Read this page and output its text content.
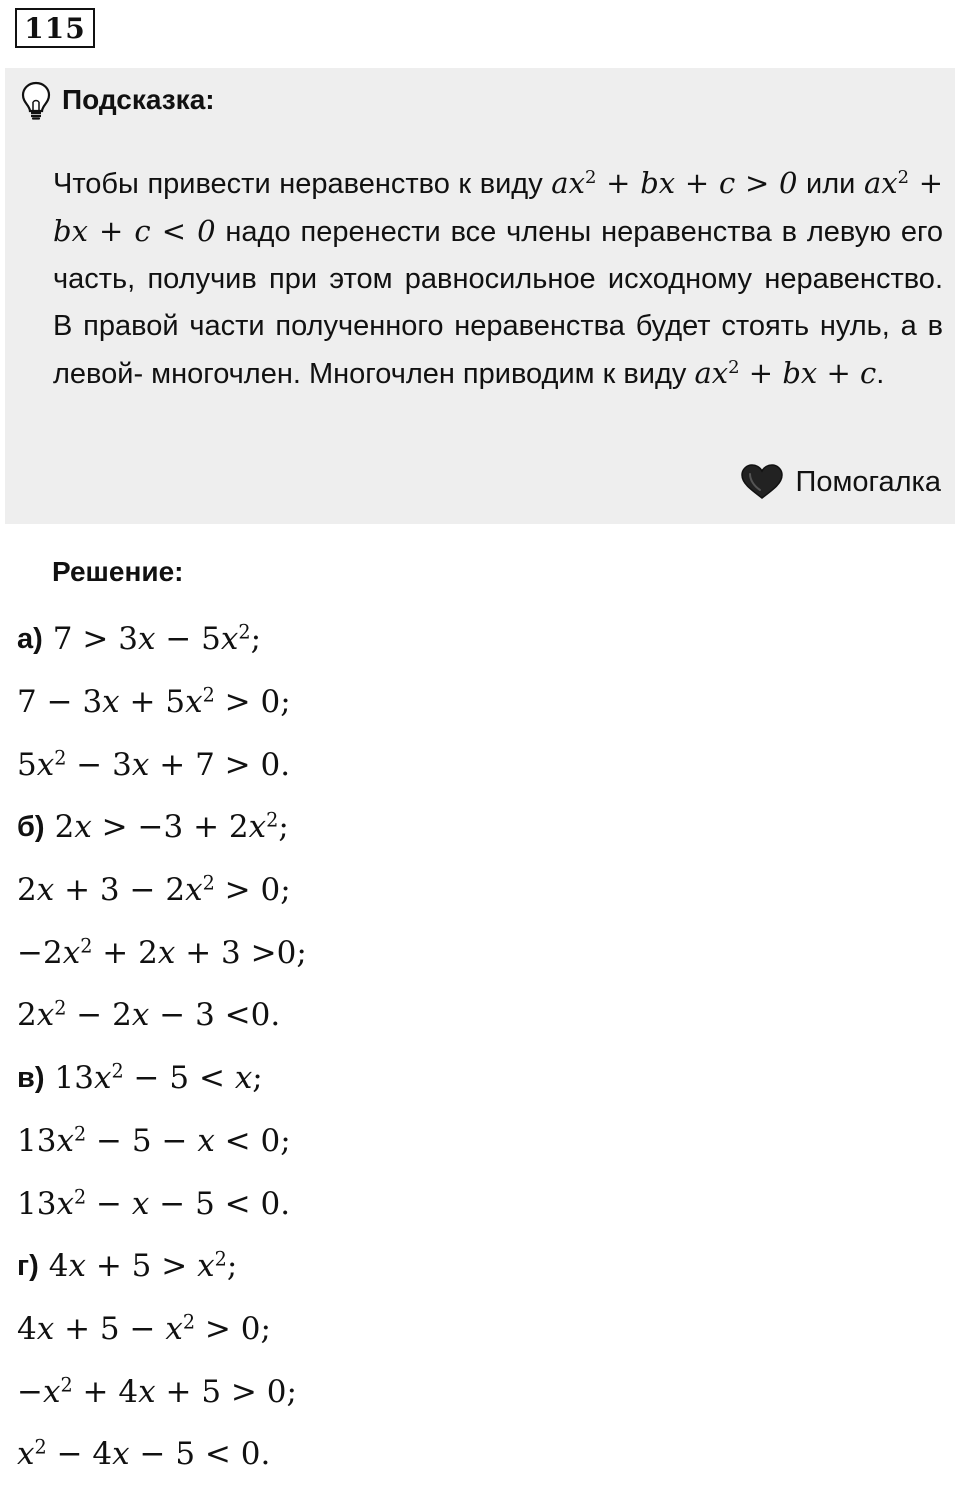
115
Подсказка:
Чтобы привести неравенство к виду $ax^2$ + bx + c > 0 или $ax^2$ + bx + c < 0 надо перенести все члены неравенства в левую его часть, получив при этом равносильное исходному неравенство. В правой части полученного неравенства будет стоять нуль, а в левой- многочлен. Многочлен приводим к виду $ax^2$ + bx + c.
Помогалка
Решение:
а) $7 > 3x - 5x^2$;
$7 - 3x + 5x^2 > 0$;
$5x^2 - 3x + 7 > 0$.
б) $2x > -3 + 2x^2$;
$2x + 3 - 2x^2 > 0$;
$-2x^2 + 2x + 3 >0$;
$2x^2 - 2x - 3 <0$.
в) $13x^2 - 5 < x$;
$13x^2 - 5 - x < 0$;
$13x^2 - x - 5 < 0$.
г) $4x + 5 > x^2$;
$4x + 5 - x^2 > 0$;
$-x^2 + 4x + 5 > 0$;
$x^2 - 4x - 5 < 0$.
